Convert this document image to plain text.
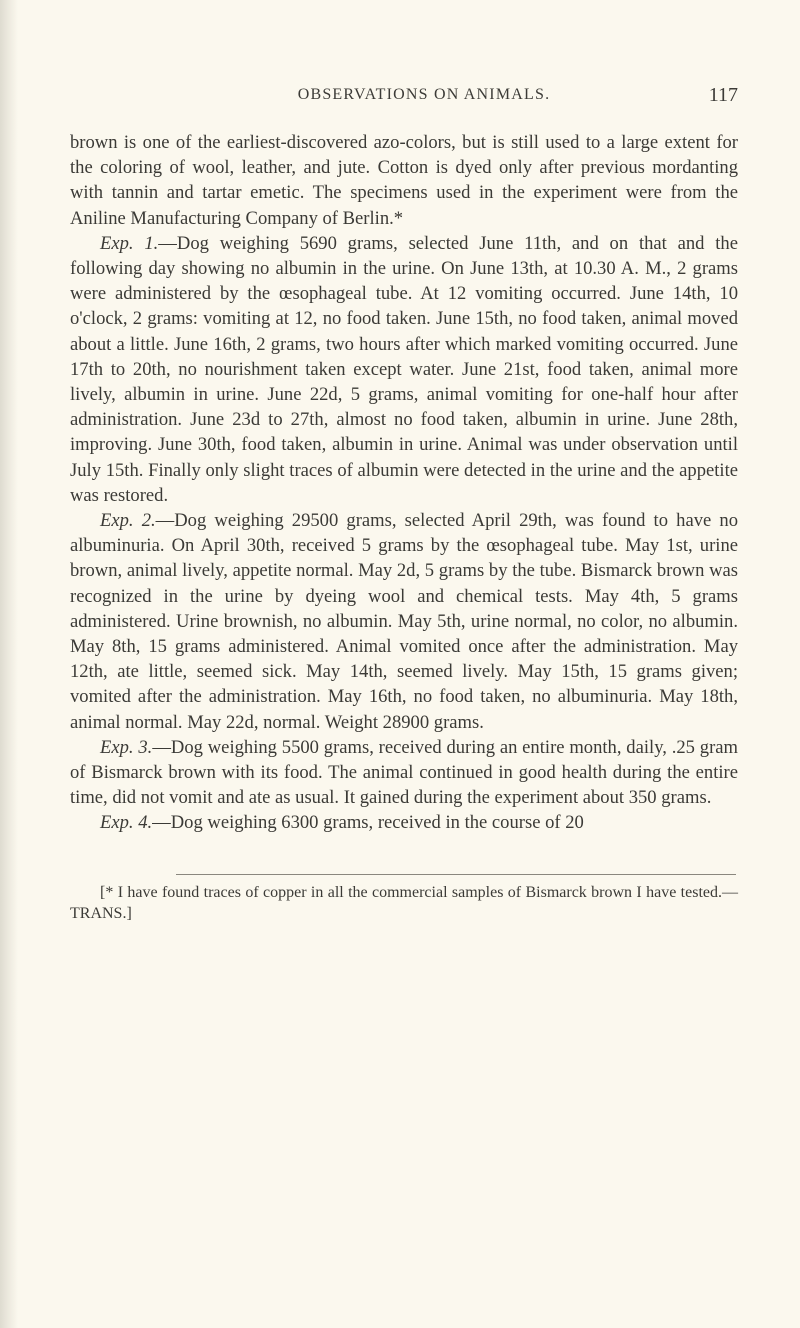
OBSERVATIONS ON ANIMALS.	117

brown is one of the earliest-discovered azo-colors, but is still used to a large extent for the coloring of wool, leather, and jute. Cotton is dyed only after previous mordanting with tannin and tartar emetic. The specimens used in the experiment were from the Aniline Manufacturing Company of Berlin.*

Exp. 1.—Dog weighing 5690 grams, selected June 11th, and on that and the following day showing no albumin in the urine. On June 13th, at 10.30 A. M., 2 grams were administered by the œsophageal tube. At 12 vomiting occurred. June 14th, 10 o'clock, 2 grams: vomiting at 12, no food taken. June 15th, no food taken, animal moved about a little. June 16th, 2 grams, two hours after which marked vomiting occurred. June 17th to 20th, no nourishment taken except water. June 21st, food taken, animal more lively, albumin in urine. June 22d, 5 grams, animal vomiting for one-half hour after administration. June 23d to 27th, almost no food taken, albumin in urine. June 28th, improving. June 30th, food taken, albumin in urine. Animal was under observation until July 15th. Finally only slight traces of albumin were detected in the urine and the appetite was restored.

Exp. 2.—Dog weighing 29500 grams, selected April 29th, was found to have no albuminuria. On April 30th, received 5 grams by the œsophageal tube. May 1st, urine brown, animal lively, appetite normal. May 2d, 5 grams by the tube. Bismarck brown was recognized in the urine by dyeing wool and chemical tests. May 4th, 5 grams administered. Urine brownish, no albumin. May 5th, urine normal, no color, no albumin. May 8th, 15 grams administered. Animal vomited once after the administration. May 12th, ate little, seemed sick. May 14th, seemed lively. May 15th, 15 grams given; vomited after the administration. May 16th, no food taken, no albuminuria. May 18th, animal normal. May 22d, normal. Weight 28900 grams.

Exp. 3.—Dog weighing 5500 grams, received during an entire month, daily, .25 gram of Bismarck brown with its food. The animal continued in good health during the entire time, did not vomit and ate as usual. It gained during the experiment about 350 grams.

Exp. 4.—Dog weighing 6300 grams, received in the course of 20

[* I have found traces of copper in all the commercial samples of Bismarck brown I have tested.—TRANS.]
